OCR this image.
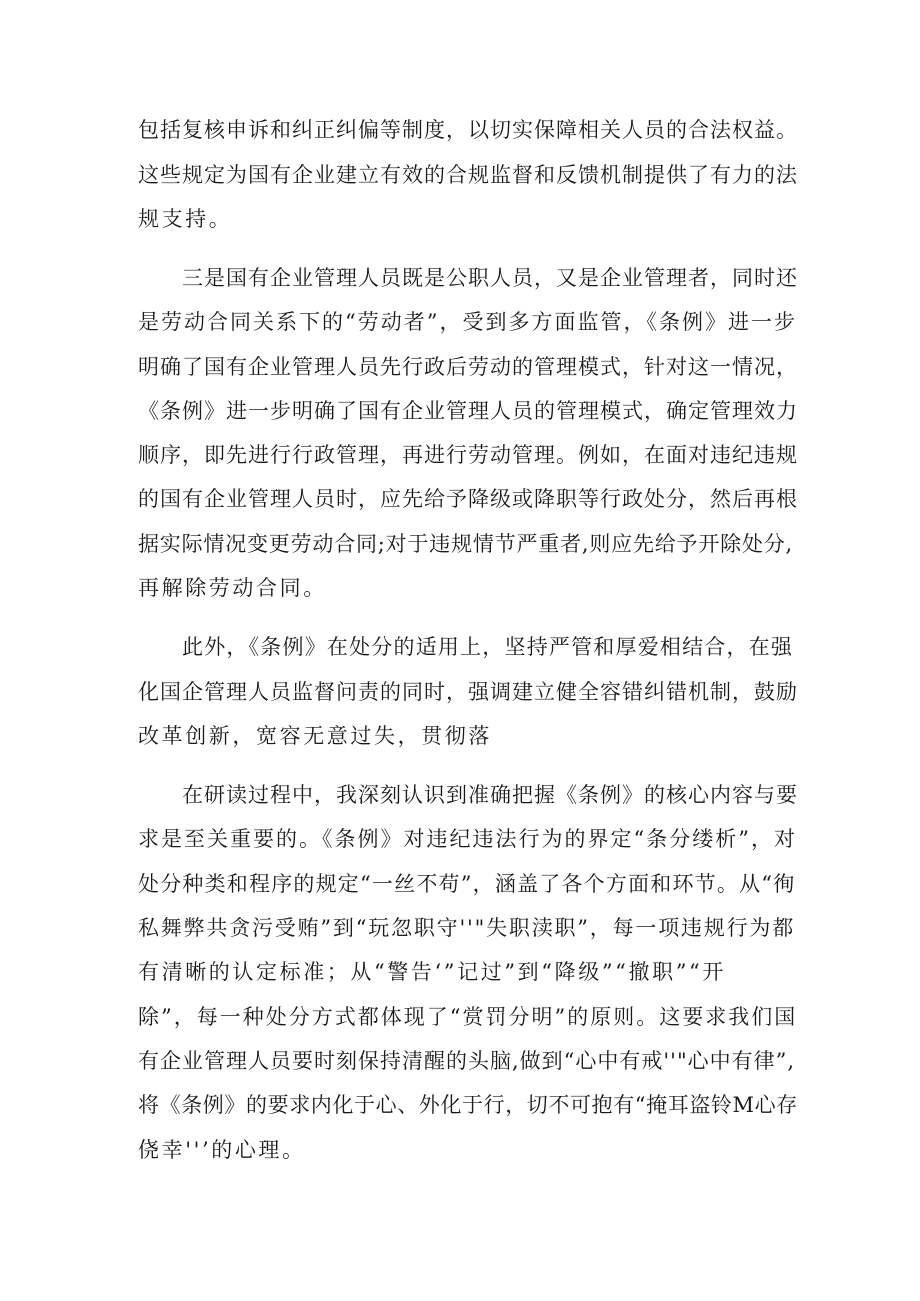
包括复核申诉和纠正纠偏等制度，以切实保障相关人员的合法权益。
这些规定为国有企业建立有效的合规监督和反馈机制提供了有力的法
规支持。
三是国有企业管理人员既是公职人员，又是企业管理者，同时还
是劳动合同关系下的“劳动者”，受到多方面监管，《条例》进一步
明确了国有企业管理人员先行政后劳动的管理模式，针对这一情况，
《条例》进一步明确了国有企业管理人员的管理模式，确定管理效力
顺序，即先进行行政管理，再进行劳动管理。例如，在面对违纪违规
的国有企业管理人员时，应先给予降级或降职等行政处分，然后再根
据实际情况变更劳动合同;对于违规情节严重者,则应先给予开除处分,
再解除劳动合同。
此外，《条例》在处分的适用上，坚持严管和厚爱相结合，在强
化国企管理人员监督问责的同时，强调建立健全容错纠错机制，鼓励
改革创新，宽容无意过失，贯彻落
在研读过程中，我深刻认识到准确把握《条例》的核心内容与要
求是至关重要的。《条例》对违纪违法行为的界定“条分缕析”，对
处分种类和程序的规定“一丝不苟”，涵盖了各个方面和环节。从“徇
私舞弊共贪污受贿”到“玩忽职守''"失职渎职”，每一项违规行为都
有清晰的认定标准；从“警告‘”记过”到“降级”“撤职”“开
除”，每一种处分方式都体现了“赏罚分明”的原则。这要求我们国
有企业管理人员要时刻保持清醒的头脑,做到“心中有戒''"心中有律”,
将《条例》的要求内化于心、外化于行，切不可抱有“掩耳盗铃M心存
侥幸''’的心理。
